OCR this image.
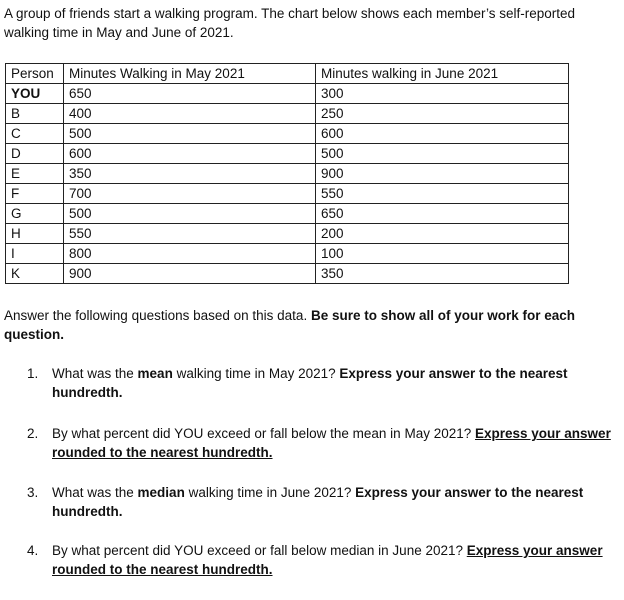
A group of friends start a walking program. The chart below shows each member’s self-reported walking time in May and June of 2021.
Person	Minutes Walking in May 2021	Minutes walking in June 2021
YOU	650	300
B	400	250
C	500	600
D	600	500
E	350	900
F	700	550
G	500	650
H	550	200
I	800	100
K	900	350
Answer the following questions based on this data. Be sure to show all of your work for each question.
1. What was the mean walking time in May 2021? Express your answer to the nearest hundredth.
2. By what percent did YOU exceed or fall below the mean in May 2021? Express your answer rounded to the nearest hundredth.
3. What was the median walking time in June 2021? Express your answer to the nearest hundredth.
4. By what percent did YOU exceed or fall below median in June 2021? Express your answer rounded to the nearest hundredth.
